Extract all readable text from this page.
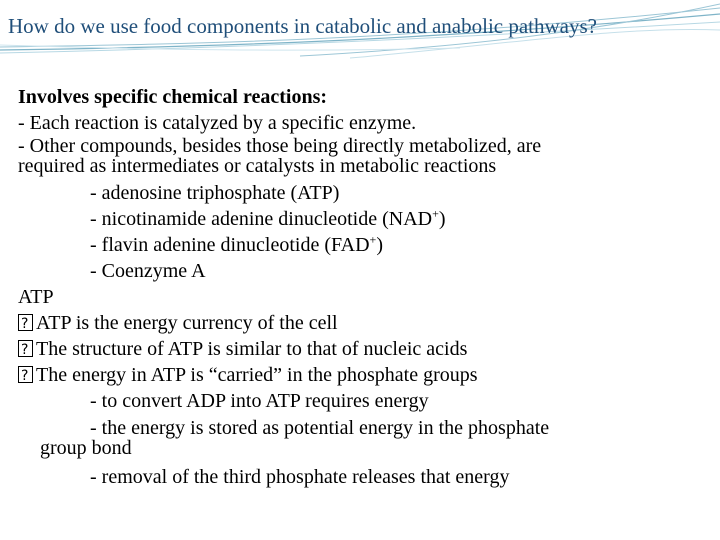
How do we use food components in catabolic and anabolic pathways?
Involves specific chemical reactions:
- Each reaction is catalyzed by a specific enzyme.
- Other compounds, besides those being directly metabolized, are
required as intermediates or catalysts in metabolic reactions
- adenosine triphosphate (ATP)
- nicotinamide adenine dinucleotide (NAD+)
- flavin adenine dinucleotide (FAD+)
- Coenzyme A
ATP
?ATP is the energy currency of the cell
?The structure of ATP is similar to that of nucleic acids
?The energy in ATP is “carried” in the phosphate groups
- to convert ADP into ATP requires energy
- the energy is stored as potential energy in the phosphate
group bond
- removal of the third phosphate releases that energy
